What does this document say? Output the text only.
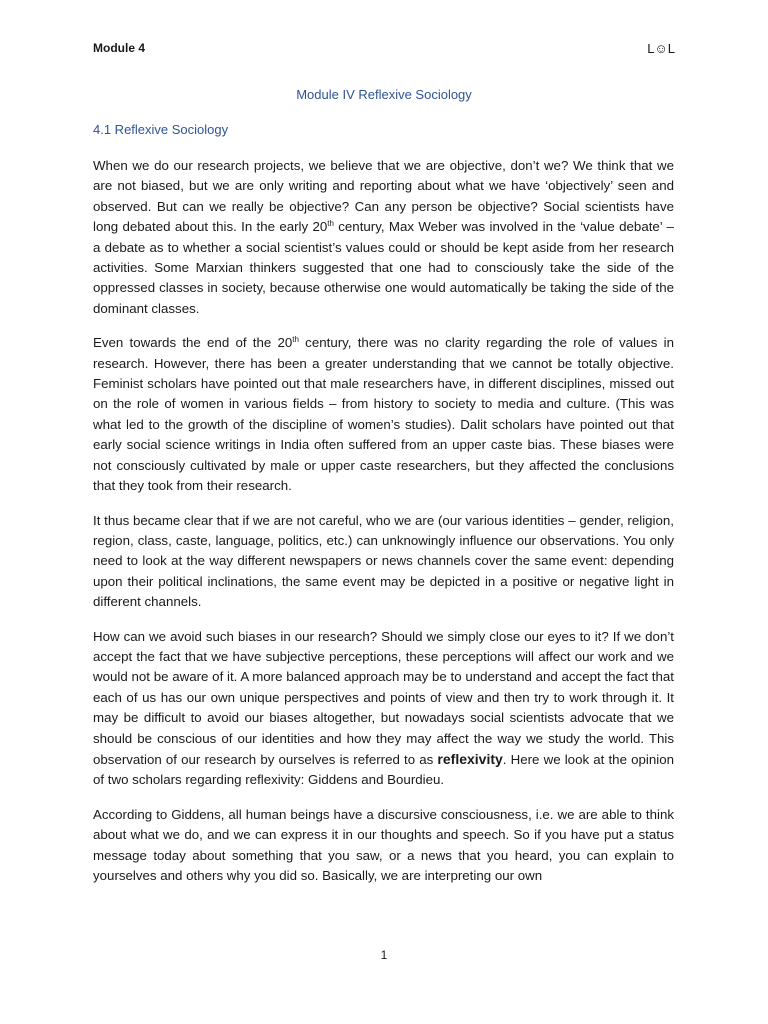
Module 4	L☺L
Module IV Reflexive Sociology
4.1 Reflexive Sociology

When we do our research projects, we believe that we are objective, don’t we? We think that we are not biased, but we are only writing and reporting about what we have ‘objectively’ seen and observed. But can we really be objective? Can any person be objective? Social scientists have long debated about this. In the early 20th century, Max Weber was involved in the ‘value debate’ – a debate as to whether a social scientist’s values could or should be kept aside from her research activities. Some Marxian thinkers suggested that one had to consciously take the side of the oppressed classes in society, because otherwise one would automatically be taking the side of the dominant classes.

Even towards the end of the 20th century, there was no clarity regarding the role of values in research. However, there has been a greater understanding that we cannot be totally objective. Feminist scholars have pointed out that male researchers have, in different disciplines, missed out on the role of women in various fields – from history to society to media and culture. (This was what led to the growth of the discipline of women’s studies). Dalit scholars have pointed out that early social science writings in India often suffered from an upper caste bias. These biases were not consciously cultivated by male or upper caste researchers, but they affected the conclusions that they took from their research.

It thus became clear that if we are not careful, who we are (our various identities – gender, religion, region, class, caste, language, politics, etc.) can unknowingly influence our observations. You only need to look at the way different newspapers or news channels cover the same event: depending upon their political inclinations, the same event may be depicted in a positive or negative light in different channels.

How can we avoid such biases in our research? Should we simply close our eyes to it? If we don’t accept the fact that we have subjective perceptions, these perceptions will affect our work and we would not be aware of it. A more balanced approach may be to understand and accept the fact that each of us has our own unique perspectives and points of view and then try to work through it. It may be difficult to avoid our biases altogether, but nowadays social scientists advocate that we should be conscious of our identities and how they may affect the way we study the world. This observation of our research by ourselves is referred to as reflexivity. Here we look at the opinion of two scholars regarding reflexivity: Giddens and Bourdieu.

According to Giddens, all human beings have a discursive consciousness, i.e. we are able to think about what we do, and we can express it in our thoughts and speech. So if you have put a status message today about something that you saw, or a news that you heard, you can explain to yourselves and others why you did so. Basically, we are interpreting our own

1
